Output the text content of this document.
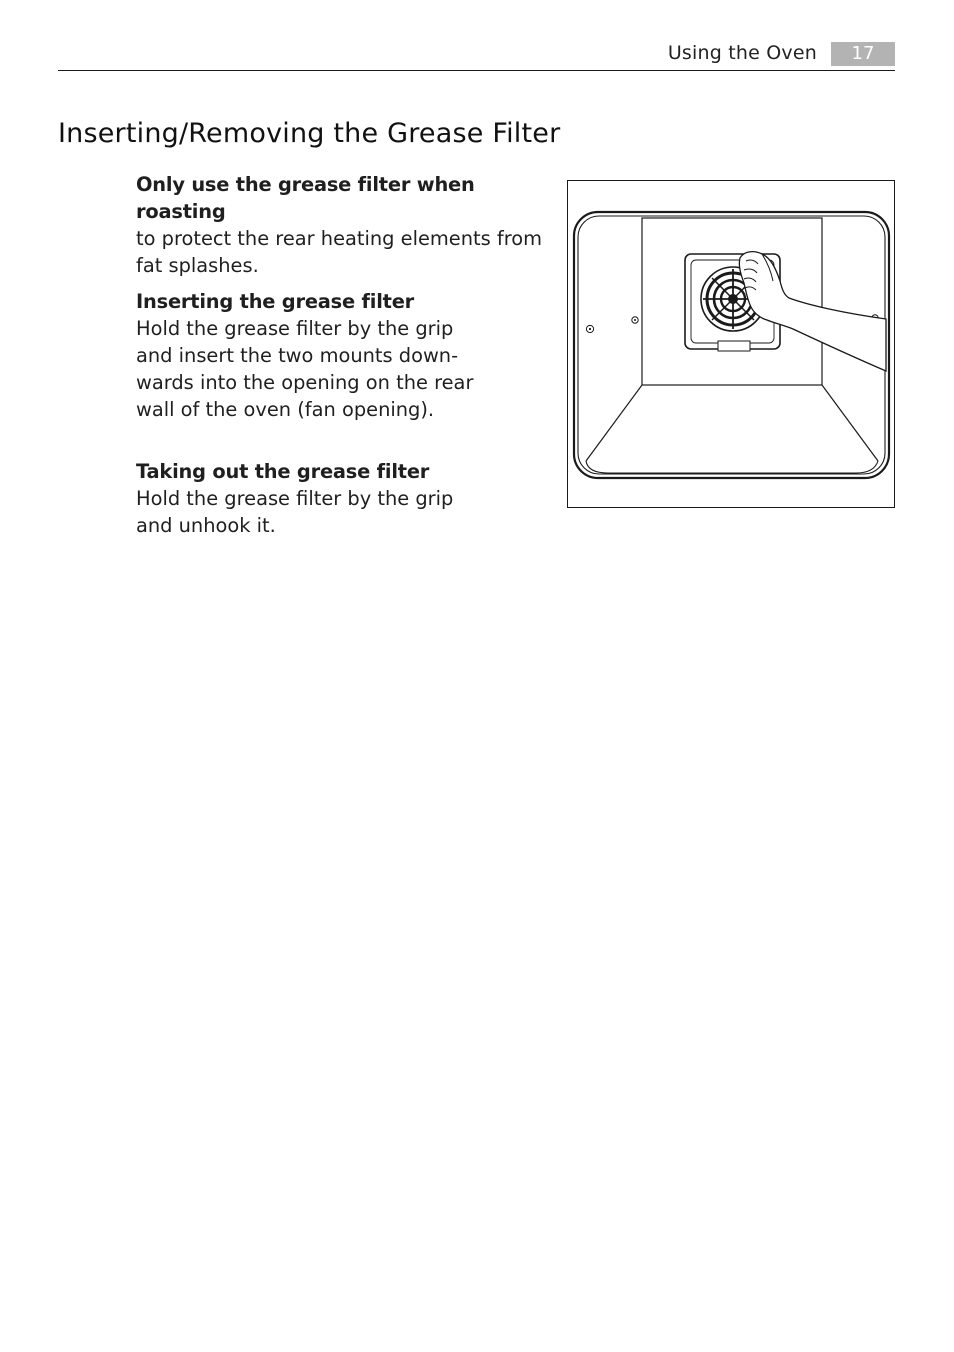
Using the Oven	17
Inserting/Removing the Grease Filter

Only use the grease filter when roasting

to protect the rear heating elements from

fat splashes.

Inserting the grease filter

Hold the grease filter by the grip

and insert the two mounts down-

wards into the opening on the rear

wall of the oven (fan opening).

Taking out the grease filter

Hold the grease filter by the grip

and unhook it.
